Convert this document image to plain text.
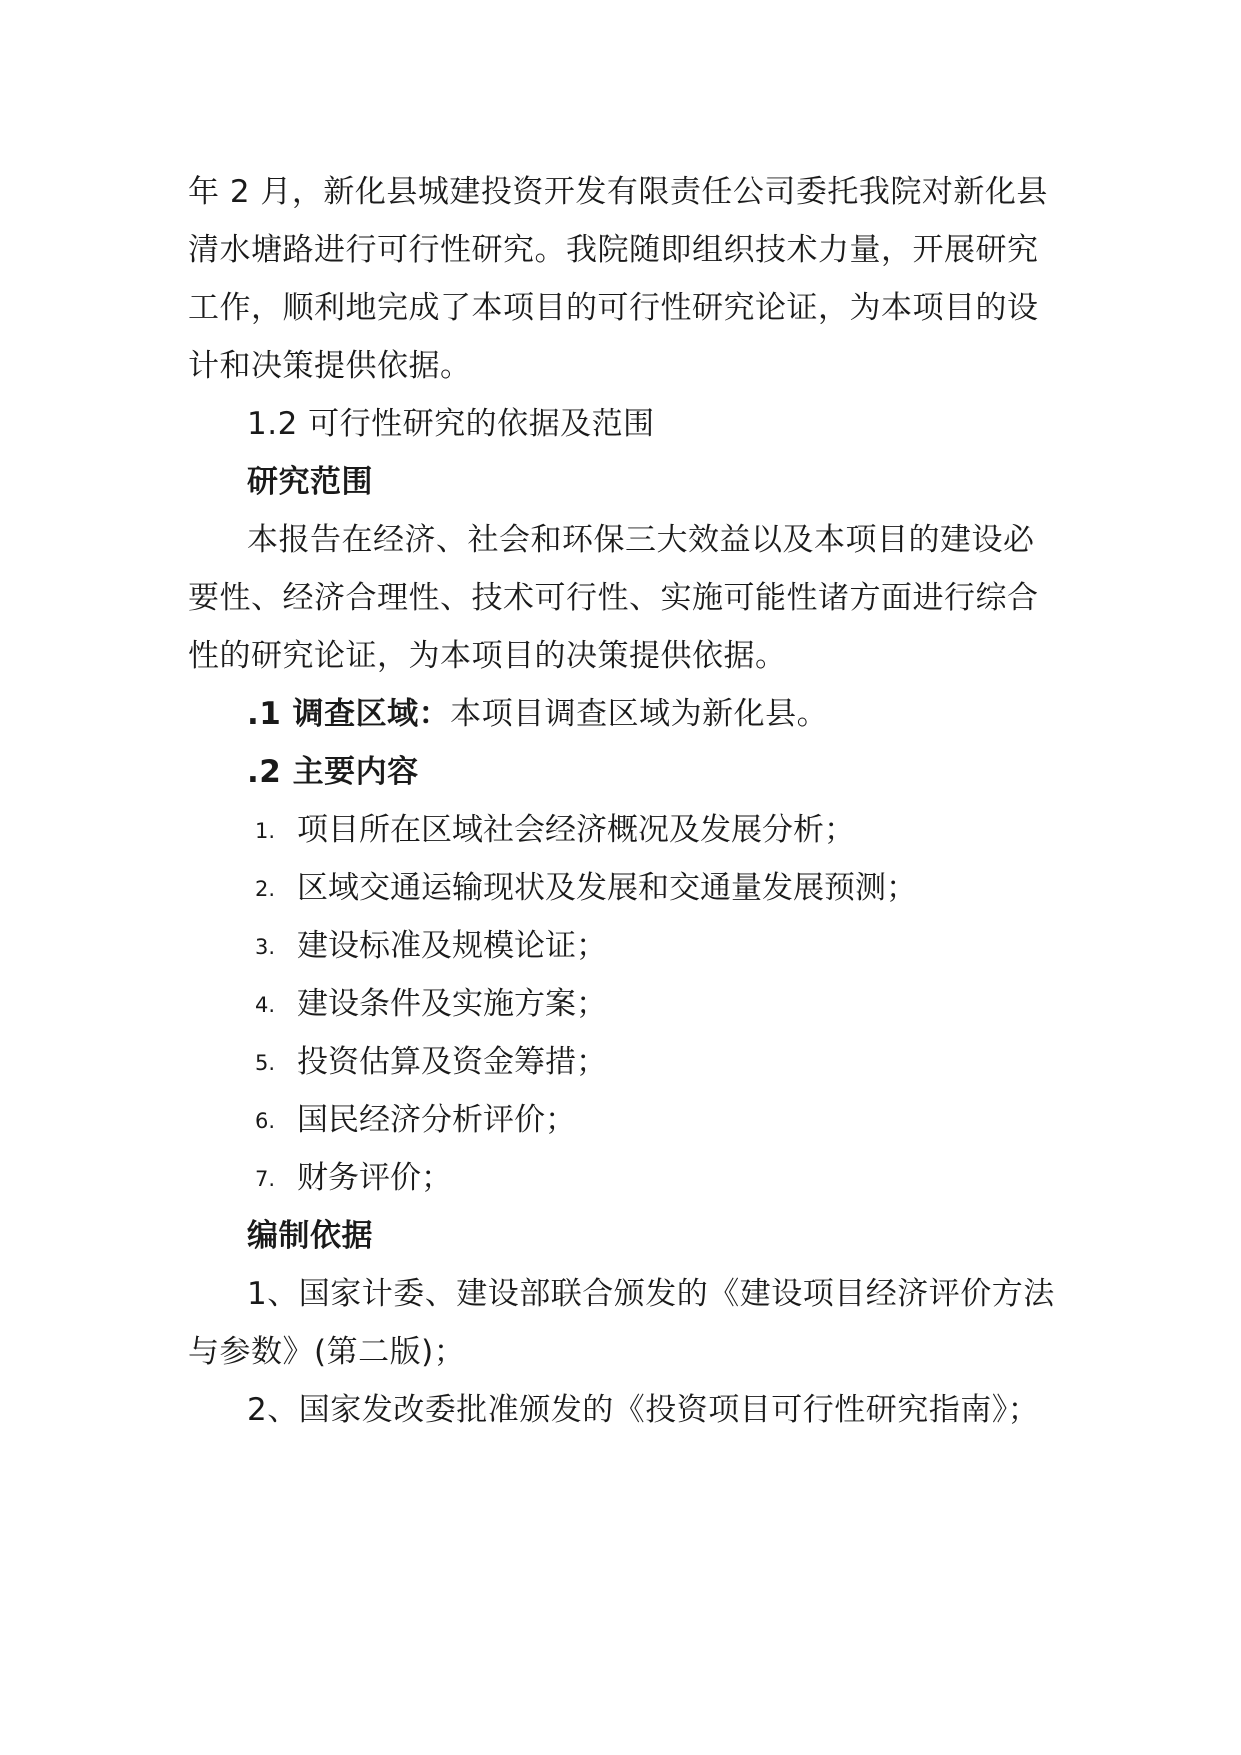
年 2 月，新化县城建投资开发有限责任公司委托我院对新化县
清水塘路进行可行性研究。我院随即组织技术力量，开展研究
工作，顺利地完成了本项目的可行性研究论证，为本项目的设
计和决策提供依据。
1.2 可行性研究的依据及范围
研究范围
本报告在经济、社会和环保三大效益以及本项目的建设必
要性、经济合理性、技术可行性、实施可能性诸方面进行综合
性的研究论证，为本项目的决策提供依据。
.1 调查区域：本项目调查区域为新化县。
.2 主要内容
1. 项目所在区域社会经济概况及发展分析；
2. 区域交通运输现状及发展和交通量发展预测；
3. 建设标准及规模论证；
4. 建设条件及实施方案；
5. 投资估算及资金筹措；
6. 国民经济分析评价；
7. 财务评价；
编制依据
1、国家计委、建设部联合颁发的《建设项目经济评价方法
与参数》(第二版)；
2、国家发改委批准颁发的《投资项目可行性研究指南》；
